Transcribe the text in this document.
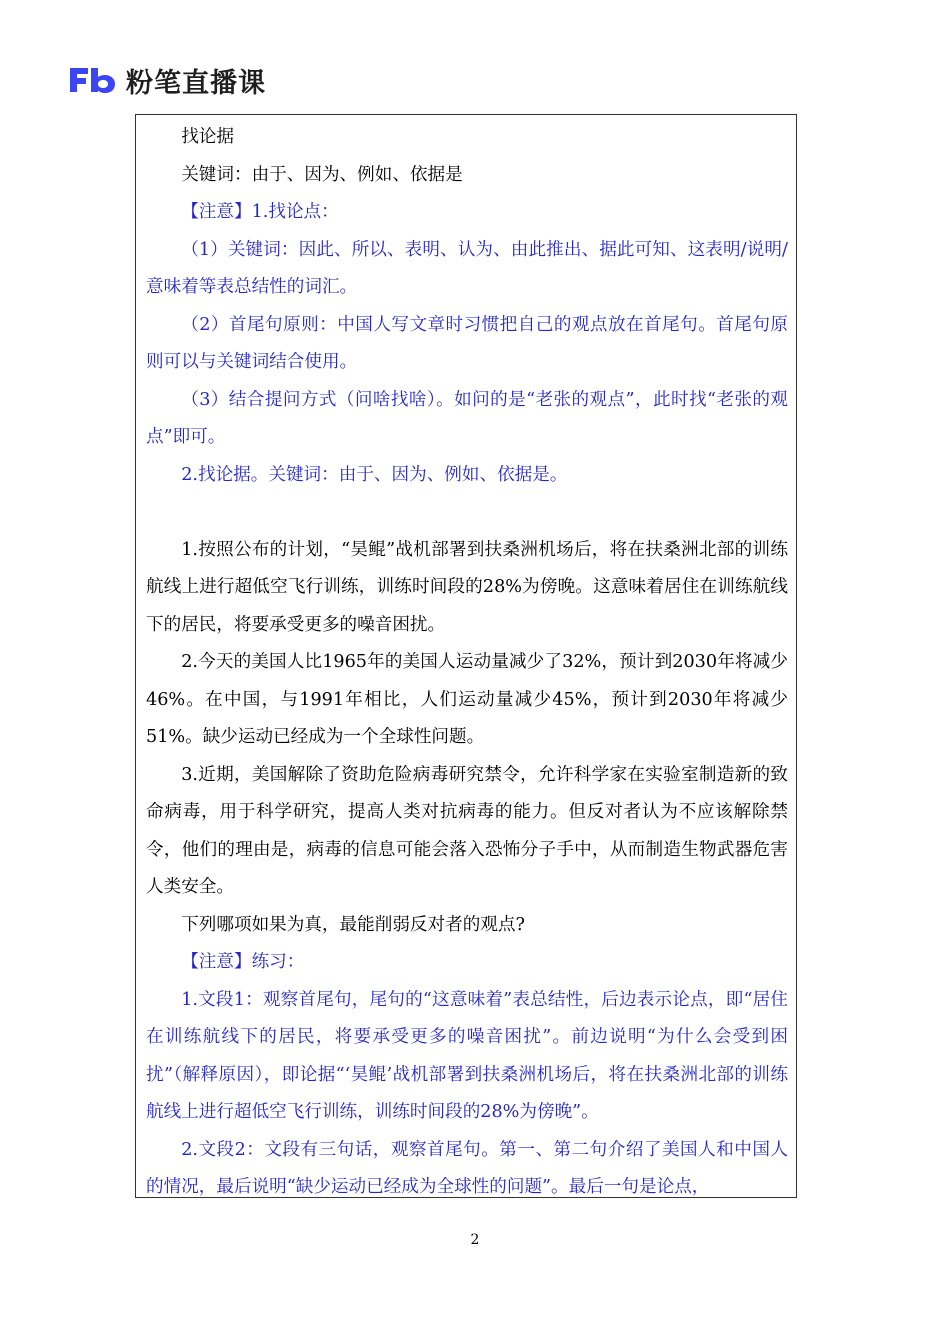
粉笔直播课

找论据

关键词：由于、因为、例如、依据是

【注意】1.找论点：

（1）关键词：因此、所以、表明、认为、由此推出、据此可知、这表明/说明/意味着等表总结性的词汇。

（2）首尾句原则：中国人写文章时习惯把自己的观点放在首尾句。首尾句原则可以与关键词结合使用。

（3）结合提问方式（问啥找啥）。如问的是“老张的观点”，此时找“老张的观点”即可。

2.找论据。关键词：由于、因为、例如、依据是。

1.按照公布的计划，“昊鲲”战机部署到扶桑洲机场后，将在扶桑洲北部的训练航线上进行超低空飞行训练，训练时间段的28%为傍晚。这意味着居住在训练航线下的居民，将要承受更多的噪音困扰。

2.今天的美国人比1965年的美国人运动量减少了32%，预计到2030年将减少46%。在中国，与1991年相比，人们运动量减少45%，预计到2030年将减少51%。缺少运动已经成为一个全球性问题。

3.近期，美国解除了资助危险病毒研究禁令，允许科学家在实验室制造新的致命病毒，用于科学研究，提高人类对抗病毒的能力。但反对者认为不应该解除禁令，他们的理由是，病毒的信息可能会落入恐怖分子手中，从而制造生物武器危害人类安全。

下列哪项如果为真，最能削弱反对者的观点?

【注意】练习：

1.文段1：观察首尾句，尾句的“这意味着”表总结性，后边表示论点，即“居住在训练航线下的居民，将要承受更多的噪音困扰”。前边说明“为什么会受到困扰”（解释原因），即论据“‘昊鲲’战机部署到扶桑洲机场后，将在扶桑洲北部的训练航线上进行超低空飞行训练，训练时间段的28%为傍晚”。

2.文段2：文段有三句话，观察首尾句。第一、第二句介绍了美国人和中国人的情况，最后说明“缺少运动已经成为全球性的问题”。最后一句是论点，

2
